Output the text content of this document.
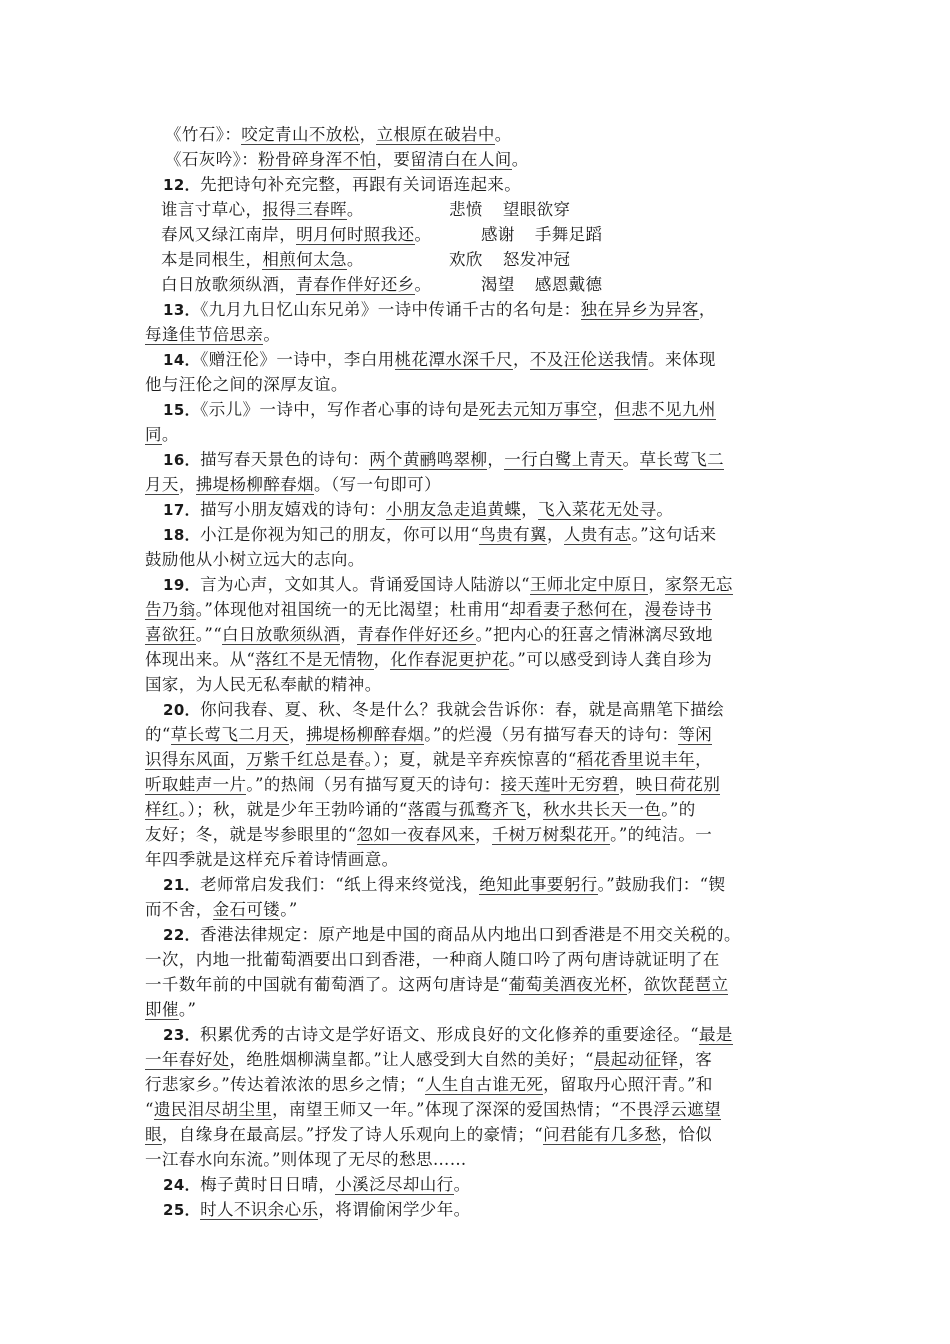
《竹石》：咬定青山不放松，立根原在破岩中。
《石灰吟》：粉骨碎身浑不怕，要留清白在人间。
12．先把诗句补充完整，再跟有关词语连起来。
谁言寸草心，报得三春晖。	悲愤 望眼欲穿
春风又绿江南岸，明月何时照我还。	感谢 手舞足蹈
本是同根生，相煎何太急。	欢欣 怒发冲冠
白日放歌须纵酒，青春作伴好还乡。	渴望 感恩戴德
13．《九月九日忆山东兄弟》一诗中传诵千古的名句是：独在异乡为异客，
每逢佳节倍思亲。
14．《赠汪伦》一诗中，李白用桃花潭水深千尺，不及汪伦送我情。来体现
他与汪伦之间的深厚友谊。
15．《示儿》一诗中，写作者心事的诗句是死去元知万事空，但悲不见九州
同。
16．描写春天景色的诗句：两个黄鹂鸣翠柳，一行白鹭上青天。草长莺飞二
月天，拂堤杨柳醉春烟。（写一句即可）
17．描写小朋友嬉戏的诗句：小朋友急走追黄蝶，飞入菜花无处寻。
18．小江是你视为知己的朋友，你可以用“鸟贵有翼，人贵有志。”这句话来
鼓励他从小树立远大的志向。
19．言为心声，文如其人。背诵爱国诗人陆游以“王师北定中原日，家祭无忘
告乃翁。”体现他对祖国统一的无比渴望；杜甫用“却看妻子愁何在，漫卷诗书
喜欲狂。”“白日放歌须纵酒，青春作伴好还乡。”把内心的狂喜之情淋漓尽致地
体现出来。从“落红不是无情物，化作春泥更护花。”可以感受到诗人龚自珍为
国家，为人民无私奉献的精神。
20．你问我春、夏、秋、冬是什么？我就会告诉你：春，就是高鼎笔下描绘
的“草长莺飞二月天，拂堤杨柳醉春烟。”的烂漫（另有描写春天的诗句：等闲
识得东风面，万紫千红总是春。）；夏，就是辛弃疾惊喜的“稻花香里说丰年，
听取蛙声一片。”的热闹（另有描写夏天的诗句：接天莲叶无穷碧，映日荷花别
样红。）；秋，就是少年王勃吟诵的“落霞与孤鹜齐飞，秋水共长天一色。”的
友好；冬，就是岑参眼里的“忽如一夜春风来，千树万树梨花开。”的纯洁。一
年四季就是这样充斥着诗情画意。
21．老师常启发我们：“纸上得来终觉浅，绝知此事要躬行。”鼓励我们：“锲
而不舍，金石可镂。”
22．香港法律规定：原产地是中国的商品从内地出口到香港是不用交关税的。
一次，内地一批葡萄酒要出口到香港，一种商人随口吟了两句唐诗就证明了在
一千数年前的中国就有葡萄酒了。这两句唐诗是“葡萄美酒夜光杯，欲饮琵琶立
即催。”
23．积累优秀的古诗文是学好语文、形成良好的文化修养的重要途径。“最是
一年春好处，绝胜烟柳满皇都。”让人感受到大自然的美好；“晨起动征铎，客
行悲家乡。”传达着浓浓的思乡之情；“人生自古谁无死，留取丹心照汗青。”和
“遗民泪尽胡尘里，南望王师又一年。”体现了深深的爱国热情；“不畏浮云遮望
眼，自缘身在最高层。”抒发了诗人乐观向上的豪情；“问君能有几多愁，恰似
一江春水向东流。”则体现了无尽的愁思……
24．梅子黄时日日晴，小溪泛尽却山行。
25．时人不识余心乐，将谓偷闲学少年。
